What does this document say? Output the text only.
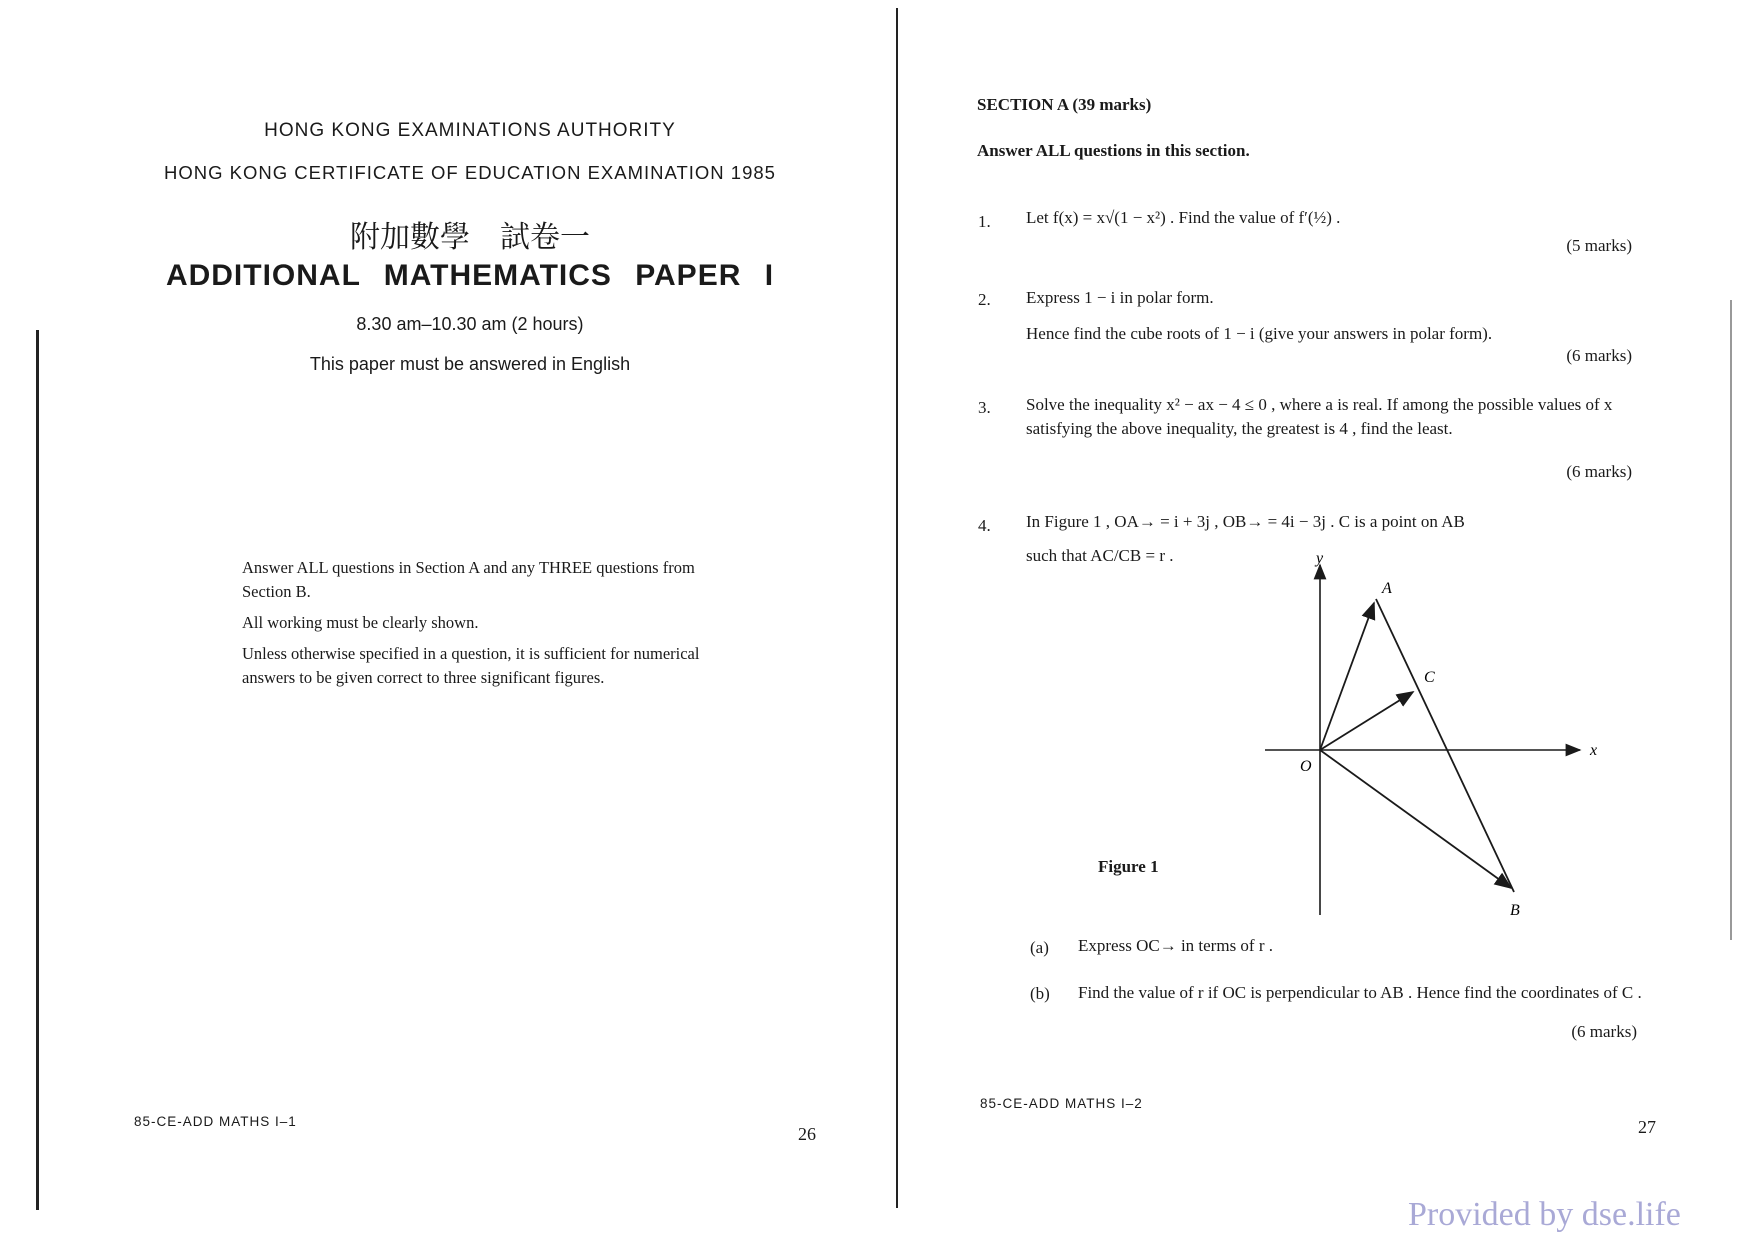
HONG KONG EXAMINATIONS AUTHORITY
HONG KONG CERTIFICATE OF EDUCATION EXAMINATION 1985
附加數學　試卷一
ADDITIONAL MATHEMATICS PAPER I
8.30 am–10.30 am (2 hours)
This paper must be answered in English
Answer ALL questions in Section A and any THREE questions from Section B.
All working must be clearly shown.
Unless otherwise specified in a question, it is sufficient for numerical answers to be given correct to three significant figures.
85-CE-ADD MATHS I–1
26
SECTION A (39 marks)
Answer ALL questions in this section.
1. Let f(x) = x√(1 − x²) . Find the value of f′(½) .
(5 marks)
2. Express 1 − i in polar form.
Hence find the cube roots of 1 − i (give your answers in polar form).
(6 marks)
3. Solve the inequality x² − ax − 4 ≤ 0 , where a is real. If among the possible values of x satisfying the above inequality, the greatest is 4 , find the least.
(6 marks)
4. In Figure 1 , OA→ = i + 3j , OB→ = 4i − 3j . C is a point on AB
such that AC/CB = r .	y
x
O
A
B
C
Figure 1
(a) Express OC→ in terms of r .
(b) Find the value of r if OC is perpendicular to AB . Hence find the coordinates of C .
(6 marks)
85-CE-ADD MATHS I–2
27
Provided by dse.life
